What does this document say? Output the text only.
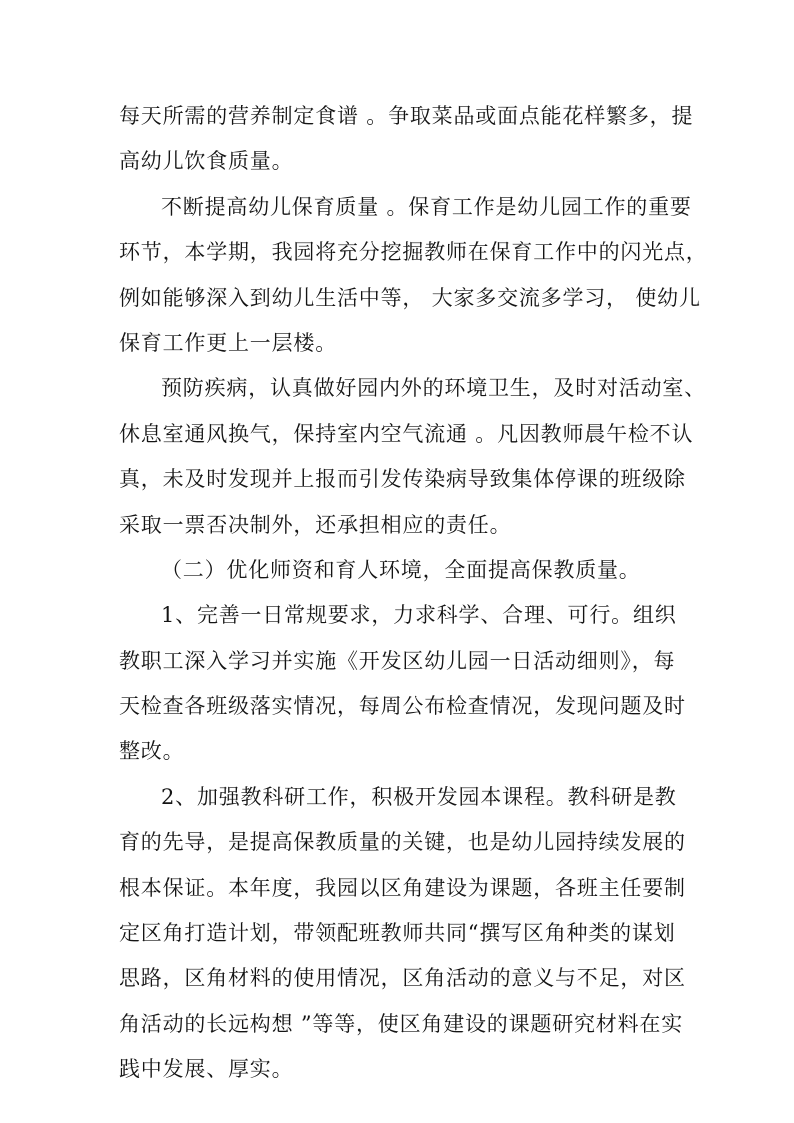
每天所需的营养制定食谱 。争取菜品或面点能花样繁多，提
高幼儿饮食质量。
不断提高幼儿保育质量 。保育工作是幼儿园工作的重要
环节，本学期，我园将充分挖掘教师在保育工作中的闪光点，
例如能够深入到幼儿生活中等， 大家多交流多学习， 使幼儿
保育工作更上一层楼。
预防疾病，认真做好园内外的环境卫生，及时对活动室、
休息室通风换气，保持室内空气流通 。凡因教师晨午检不认
真，未及时发现并上报而引发传染病导致集体停课的班级除
采取一票否决制外，还承担相应的责任。
（二）优化师资和育人环境，全面提高保教质量。
1、完善一日常规要求，力求科学、合理、可行。组织
教职工深入学习并实施《开发区幼儿园一日活动细则》，每
天检查各班级落实情况，每周公布检查情况，发现问题及时
整改。
2、加强教科研工作，积极开发园本课程。教科研是教
育的先导，是提高保教质量的关键，也是幼儿园持续发展的
根本保证。本年度，我园以区角建设为课题，各班主任要制
定区角打造计划，带领配班教师共同“撰写区角种类的谋划
思路，区角材料的使用情况，区角活动的意义与不足，对区
角活动的长远构想 ”等等，使区角建设的课题研究材料在实
践中发展、厚实。
